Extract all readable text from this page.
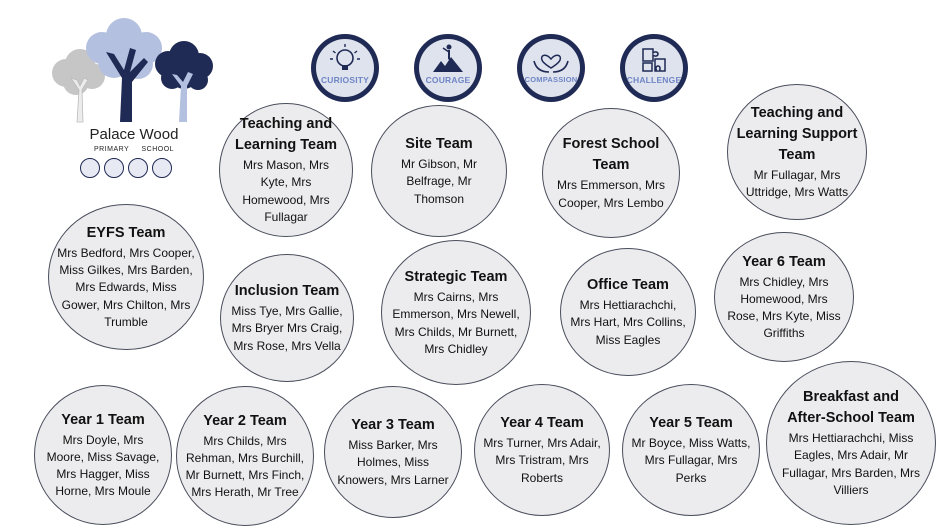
Palace Wood
PRIMARY SCHOOL
CURIOSITY	COURAGE	COMPASSION	CHALLENGE
Teaching and Learning Team
Mrs Mason, Mrs Kyte, Mrs Homewood, Mrs Fullagar
Site Team
Mr Gibson, Mr Belfrage, Mr Thomson
Forest School Team
Mrs Emmerson, Mrs Cooper, Mrs Lembo
Teaching and Learning Support Team
Mr Fullagar, Mrs Uttridge, Mrs Watts
EYFS Team
Mrs Bedford, Mrs Cooper, Miss Gilkes, Mrs Barden, Mrs Edwards, Miss Gower, Mrs Chilton, Mrs Trumble
Inclusion Team
Miss Tye, Mrs Gallie, Mrs Bryer Mrs Craig, Mrs Rose, Mrs Vella
Strategic Team
Mrs Cairns, Mrs Emmerson, Mrs Newell, Mrs Childs, Mr Burnett, Mrs Chidley
Office Team
Mrs Hettiarachchi, Mrs Hart, Mrs Collins, Miss Eagles
Year 6 Team
Mrs Chidley, Mrs Homewood, Mrs Rose, Mrs Kyte, Miss Griffiths
Year 1 Team
Mrs Doyle, Mrs Moore, Miss Savage, Mrs Hagger, Miss Horne, Mrs Moule
Year 2 Team
Mrs Childs, Mrs Rehman, Mrs Burchill, Mr Burnett, Mrs Finch, Mrs Herath, Mr Tree
Year 3 Team
Miss Barker, Mrs Holmes, Miss Knowers, Mrs Larner
Year 4 Team
Mrs Turner, Mrs Adair, Mrs Tristram, Mrs Roberts
Year 5 Team
Mr Boyce, Miss Watts, Mrs Fullagar, Mrs Perks
Breakfast and After-School Team
Mrs Hettiarachchi, Miss Eagles, Mrs Adair, Mr Fullagar, Mrs Barden, Mrs Villiers
